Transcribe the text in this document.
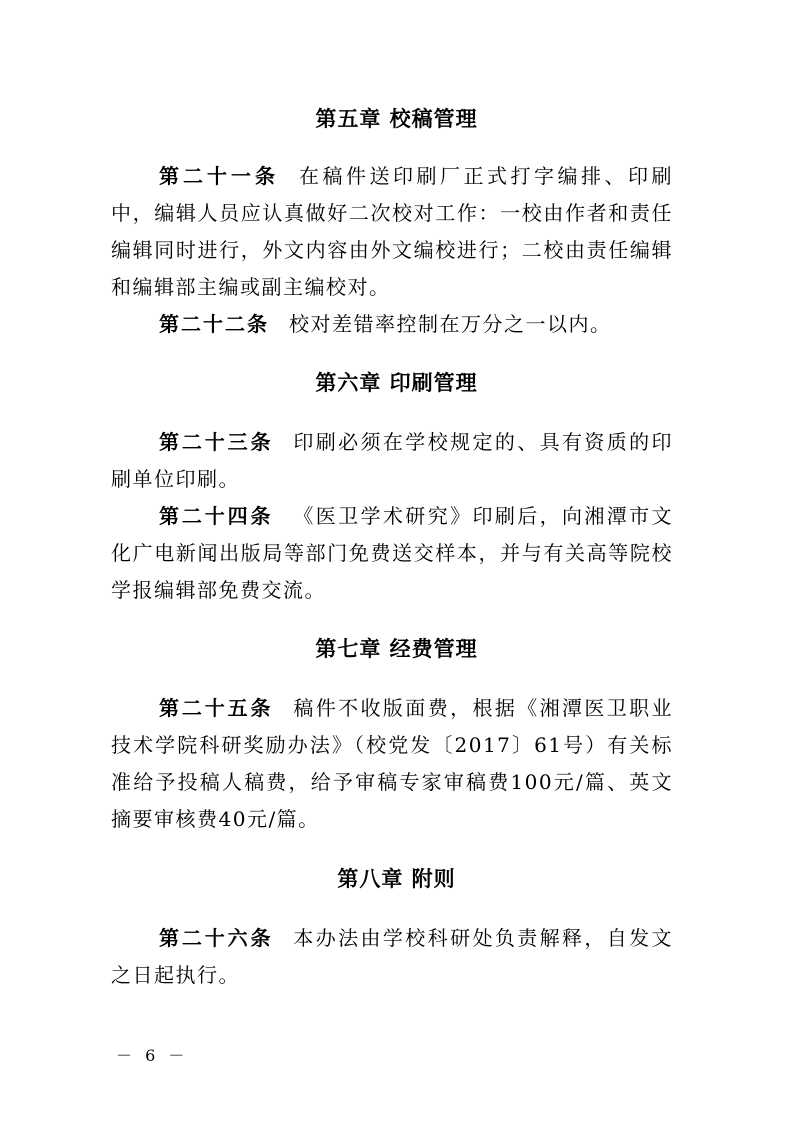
第五章 校稿管理
第二十一条 在稿件送印刷厂正式打字编排、印刷中，编辑人员应认真做好二次校对工作：一校由作者和责任编辑同时进行，外文内容由外文编校进行；二校由责任编辑和编辑部主编或副主编校对。
第二十二条 校对差错率控制在万分之一以内。
第六章 印刷管理
第二十三条 印刷必须在学校规定的、具有资质的印刷单位印刷。
第二十四条 《医卫学术研究》印刷后，向湘潭市文化广电新闻出版局等部门免费送交样本，并与有关高等院校学报编辑部免费交流。
第七章 经费管理
第二十五条 稿件不收版面费，根据《湘潭医卫职业技术学院科研奖励办法》（校党发〔2017〕61号）有关标准给予投稿人稿费，给予审稿专家审稿费100元/篇、英文摘要审核费40元/篇。
第八章 附则
第二十六条 本办法由学校科研处负责解释，自发文之日起执行。
－ 6 －
